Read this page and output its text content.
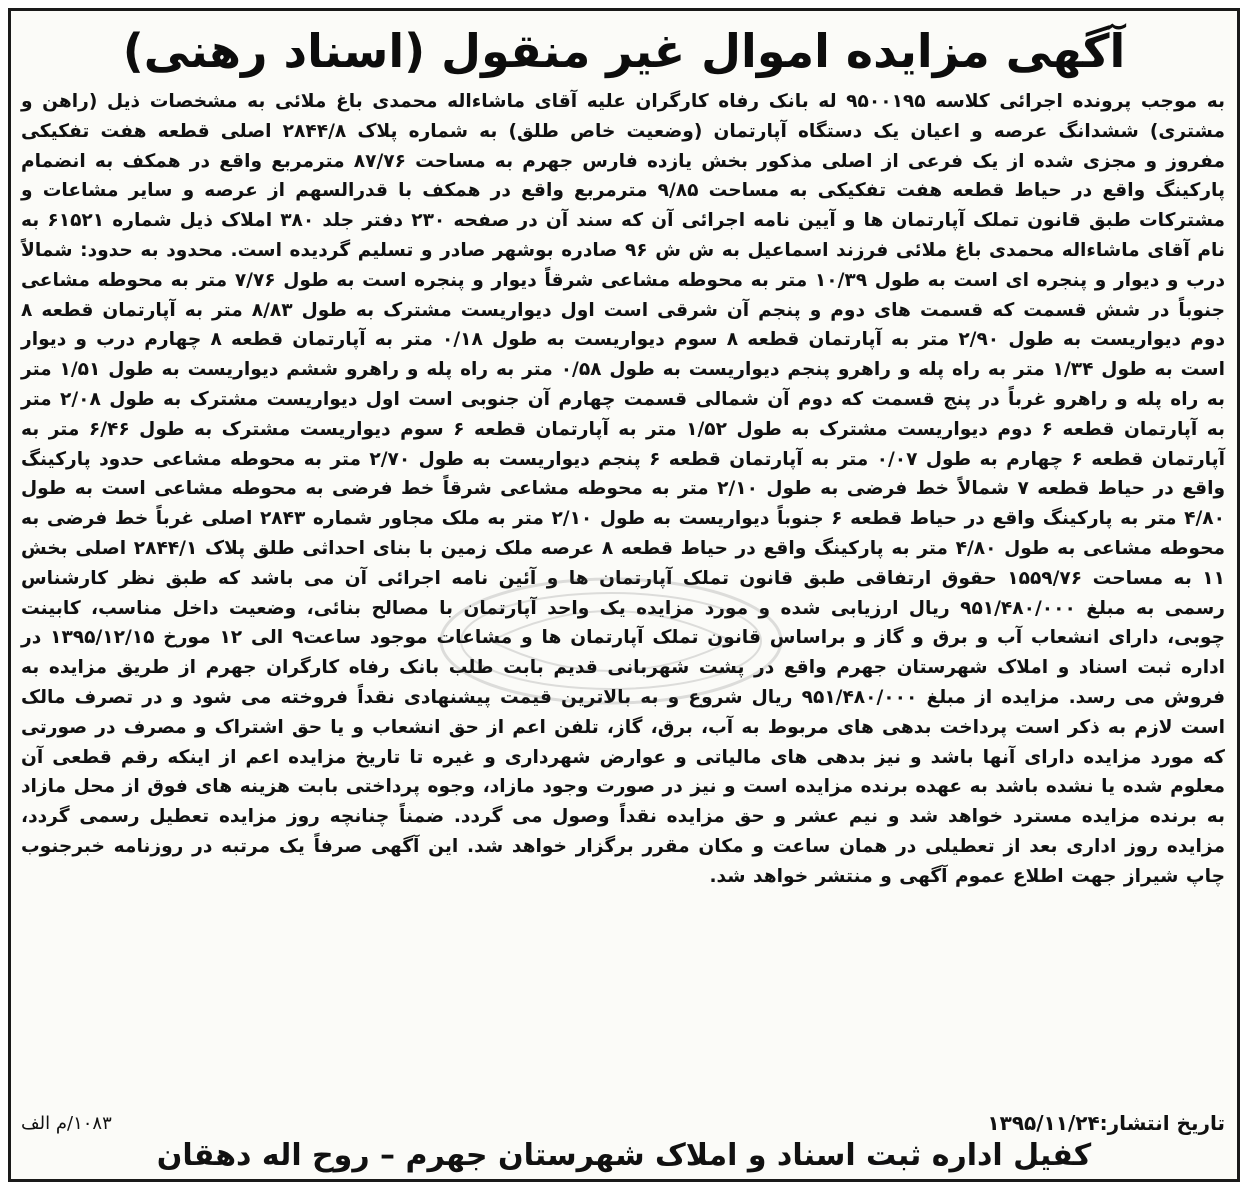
آگهی مزایده اموال غیر منقول (اسناد رهنی)

به موجب پرونده اجرائی کلاسه ۹۵۰۰۱۹۵ له بانک رفاه کارگران علیه آقای ماشاءاله محمدی باغ ملائی به مشخصات ذیل (راهن و مشتری) ششدانگ عرصه و اعیان یک دستگاه آپارتمان (وضعیت خاص طلق) به شماره پلاک ۲۸۴۴/۸ اصلی قطعه هفت تفکیکی مفروز و مجزی شده از یک فرعی از اصلی مذکور بخش یازده فارس جهرم به مساحت ۸۷/۷۶ مترمربع واقع در همکف به انضمام پارکینگ واقع در حیاط قطعه هفت تفکیکی به مساحت ۹/۸۵ مترمربع واقع در همکف با قدرالسهم از عرصه و سایر مشاعات و مشترکات طبق قانون تملک آپارتمان ها و آیین نامه اجرائی آن که سند آن در صفحه ۲۳۰ دفتر جلد ۳۸۰ املاک ذیل شماره ۶۱۵۲۱ به نام آقای ماشاءاله محمدی باغ ملائی فرزند اسماعیل به ش ش ۹۶ صادره بوشهر صادر و تسلیم گردیده است. محدود به حدود: شمالاً درب و دیوار و پنجره ای است به طول ۱۰/۳۹ متر به محوطه مشاعی شرقاً دیوار و پنجره است به طول ۷/۷۶ متر به محوطه مشاعی جنوباً در شش قسمت که قسمت های دوم و پنجم آن شرقی است اول دیواریست مشترک به طول ۸/۸۳ متر به آپارتمان قطعه ۸ دوم دیواریست به طول ۲/۹۰ متر به آپارتمان قطعه ۸ سوم دیواریست به طول ۰/۱۸ متر به آپارتمان قطعه ۸ چهارم درب و دیوار است به طول ۱/۳۴ متر به راه پله و راهرو پنجم دیواریست به طول ۰/۵۸ متر به راه پله و راهرو ششم دیواریست به طول ۱/۵۱ متر به راه پله و راهرو غرباً در پنج قسمت که دوم آن شمالی قسمت چهارم آن جنوبی است اول دیواریست مشترک به طول ۲/۰۸ متر به آپارتمان قطعه ۶ دوم دیواریست مشترک به طول ۱/۵۲ متر به آپارتمان قطعه ۶ سوم دیواریست مشترک به طول ۶/۴۶ متر به آپارتمان قطعه ۶ چهارم به طول ۰/۰۷ متر به آپارتمان قطعه ۶ پنجم دیواریست به طول ۲/۷۰ متر به محوطه مشاعی حدود پارکینگ واقع در حیاط قطعه ۷ شمالاً خط فرضی به طول ۲/۱۰ متر به محوطه مشاعی شرقاً خط فرضی به محوطه مشاعی است به طول ۴/۸۰ متر به پارکینگ واقع در حیاط قطعه ۶ جنوباً دیواریست به طول ۲/۱۰ متر به ملک مجاور شماره ۲۸۴۳ اصلی غرباً خط فرضی به محوطه مشاعی به طول ۴/۸۰ متر به پارکینگ واقع در حیاط قطعه ۸ عرصه ملک زمین با بنای احداثی طلق پلاک ۲۸۴۴/۱ اصلی بخش ۱۱ به مساحت ۱۵۵۹/۷۶ حقوق ارتفاقی طبق قانون تملک آپارتمان ها و آئین نامه اجرائی آن می باشد که طبق نظر کارشناس رسمی به مبلغ ۹۵۱/۴۸۰/۰۰۰ ریال ارزیابی شده و مورد مزایده یک واحد آپارتمان با مصالح بنائی، وضعیت داخل مناسب، کابینت چوبی، دارای انشعاب آب و برق و گاز و براساس قانون تملک آپارتمان ها و مشاعات موجود ساعت۹ الی ۱۲ مورخ ۱۳۹۵/۱۲/۱۵ در اداره ثبت اسناد و املاک شهرستان جهرم واقع در پشت شهربانی قدیم بابت طلب بانک رفاه کارگران جهرم از طریق مزایده به فروش می رسد. مزایده از مبلغ ۹۵۱/۴۸۰/۰۰۰ ریال شروع و به بالاترین قیمت پیشنهادی نقداً فروخته می شود و در تصرف مالک است لازم به ذکر است پرداخت بدهی های مربوط به آب، برق، گاز، تلفن اعم از حق انشعاب و یا حق اشتراک و مصرف در صورتی که مورد مزایده دارای آنها باشد و نیز بدهی های مالیاتی و عوارض شهرداری و غیره تا تاریخ مزایده اعم از اینکه رقم قطعی آن معلوم شده یا نشده باشد به عهده برنده مزایده است و نیز در صورت وجود مازاد، وجوه پرداختی بابت هزینه های فوق از محل مازاد به برنده مزایده مسترد خواهد شد و نیم عشر و حق مزایده نقداً وصول می گردد. ضمناً چنانچه روز مزایده تعطیل رسمی گردد، مزایده روز اداری بعد از تعطیلی در همان ساعت و مکان مقرر برگزار خواهد شد. این آگهی صرفاً یک مرتبه در روزنامه خبرجنوب چاپ شیراز جهت اطلاع عموم آگهی و منتشر خواهد شد.

تاریخ انتشار:۱۳۹۵/۱۱/۲۴
۱۰۸۳/م الف
کفیل اداره ثبت اسناد و املاک شهرستان جهرم – روح اله دهقان
